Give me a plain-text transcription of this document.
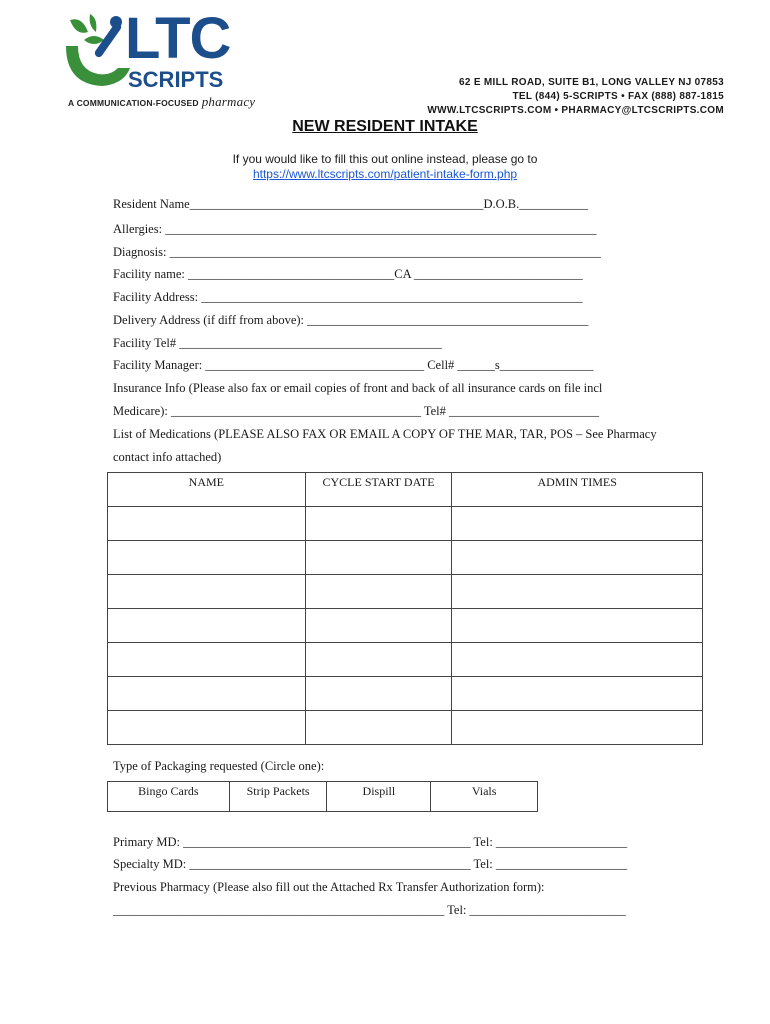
LTC
SCRIPTS
A COMMUNICATION-FOCUSED pharmacy
62 E MILL ROAD, SUITE B1, LONG VALLEY NJ 07853
TEL (844) 5-SCRIPTS • FAX (888) 887-1815
WWW.LTCSCRIPTS.COM • PHARMACY@LTCSCRIPTS.COM
NEW RESIDENT INTAKE
If you would like to fill this out online instead, please go to
https://www.ltcscripts.com/patient-intake-form.php
Resident Name_______________________________________________D.O.B.___________
Allergies: _____________________________________________________________________
Diagnosis: _____________________________________________________________________
Facility name: _________________________________CA ___________________________
Facility Address: _____________________________________________________________
Delivery Address (if diff from above): _____________________________________________
Facility Tel# __________________________________________
Facility Manager: ___________________________________ Cell# ______s_______________
Insurance Info (Please also fax or email copies of front and back of all insurance cards on file incl
Medicare): ________________________________________ Tel# ________________________
List of Medications (PLEASE ALSO FAX OR EMAIL A COPY OF THE MAR, TAR, POS – See Pharmacy
contact info attached)
NAME	CYCLE START DATE	ADMIN TIMES

Type of Packaging requested (Circle one):
Bingo Cards	Strip Packets	Dispill	Vials
Primary MD: ______________________________________________ Tel: _____________________
Specialty MD: _____________________________________________ Tel: _____________________
Previous Pharmacy (Please also fill out the Attached Rx Transfer Authorization form):
_____________________________________________________ Tel: _________________________
